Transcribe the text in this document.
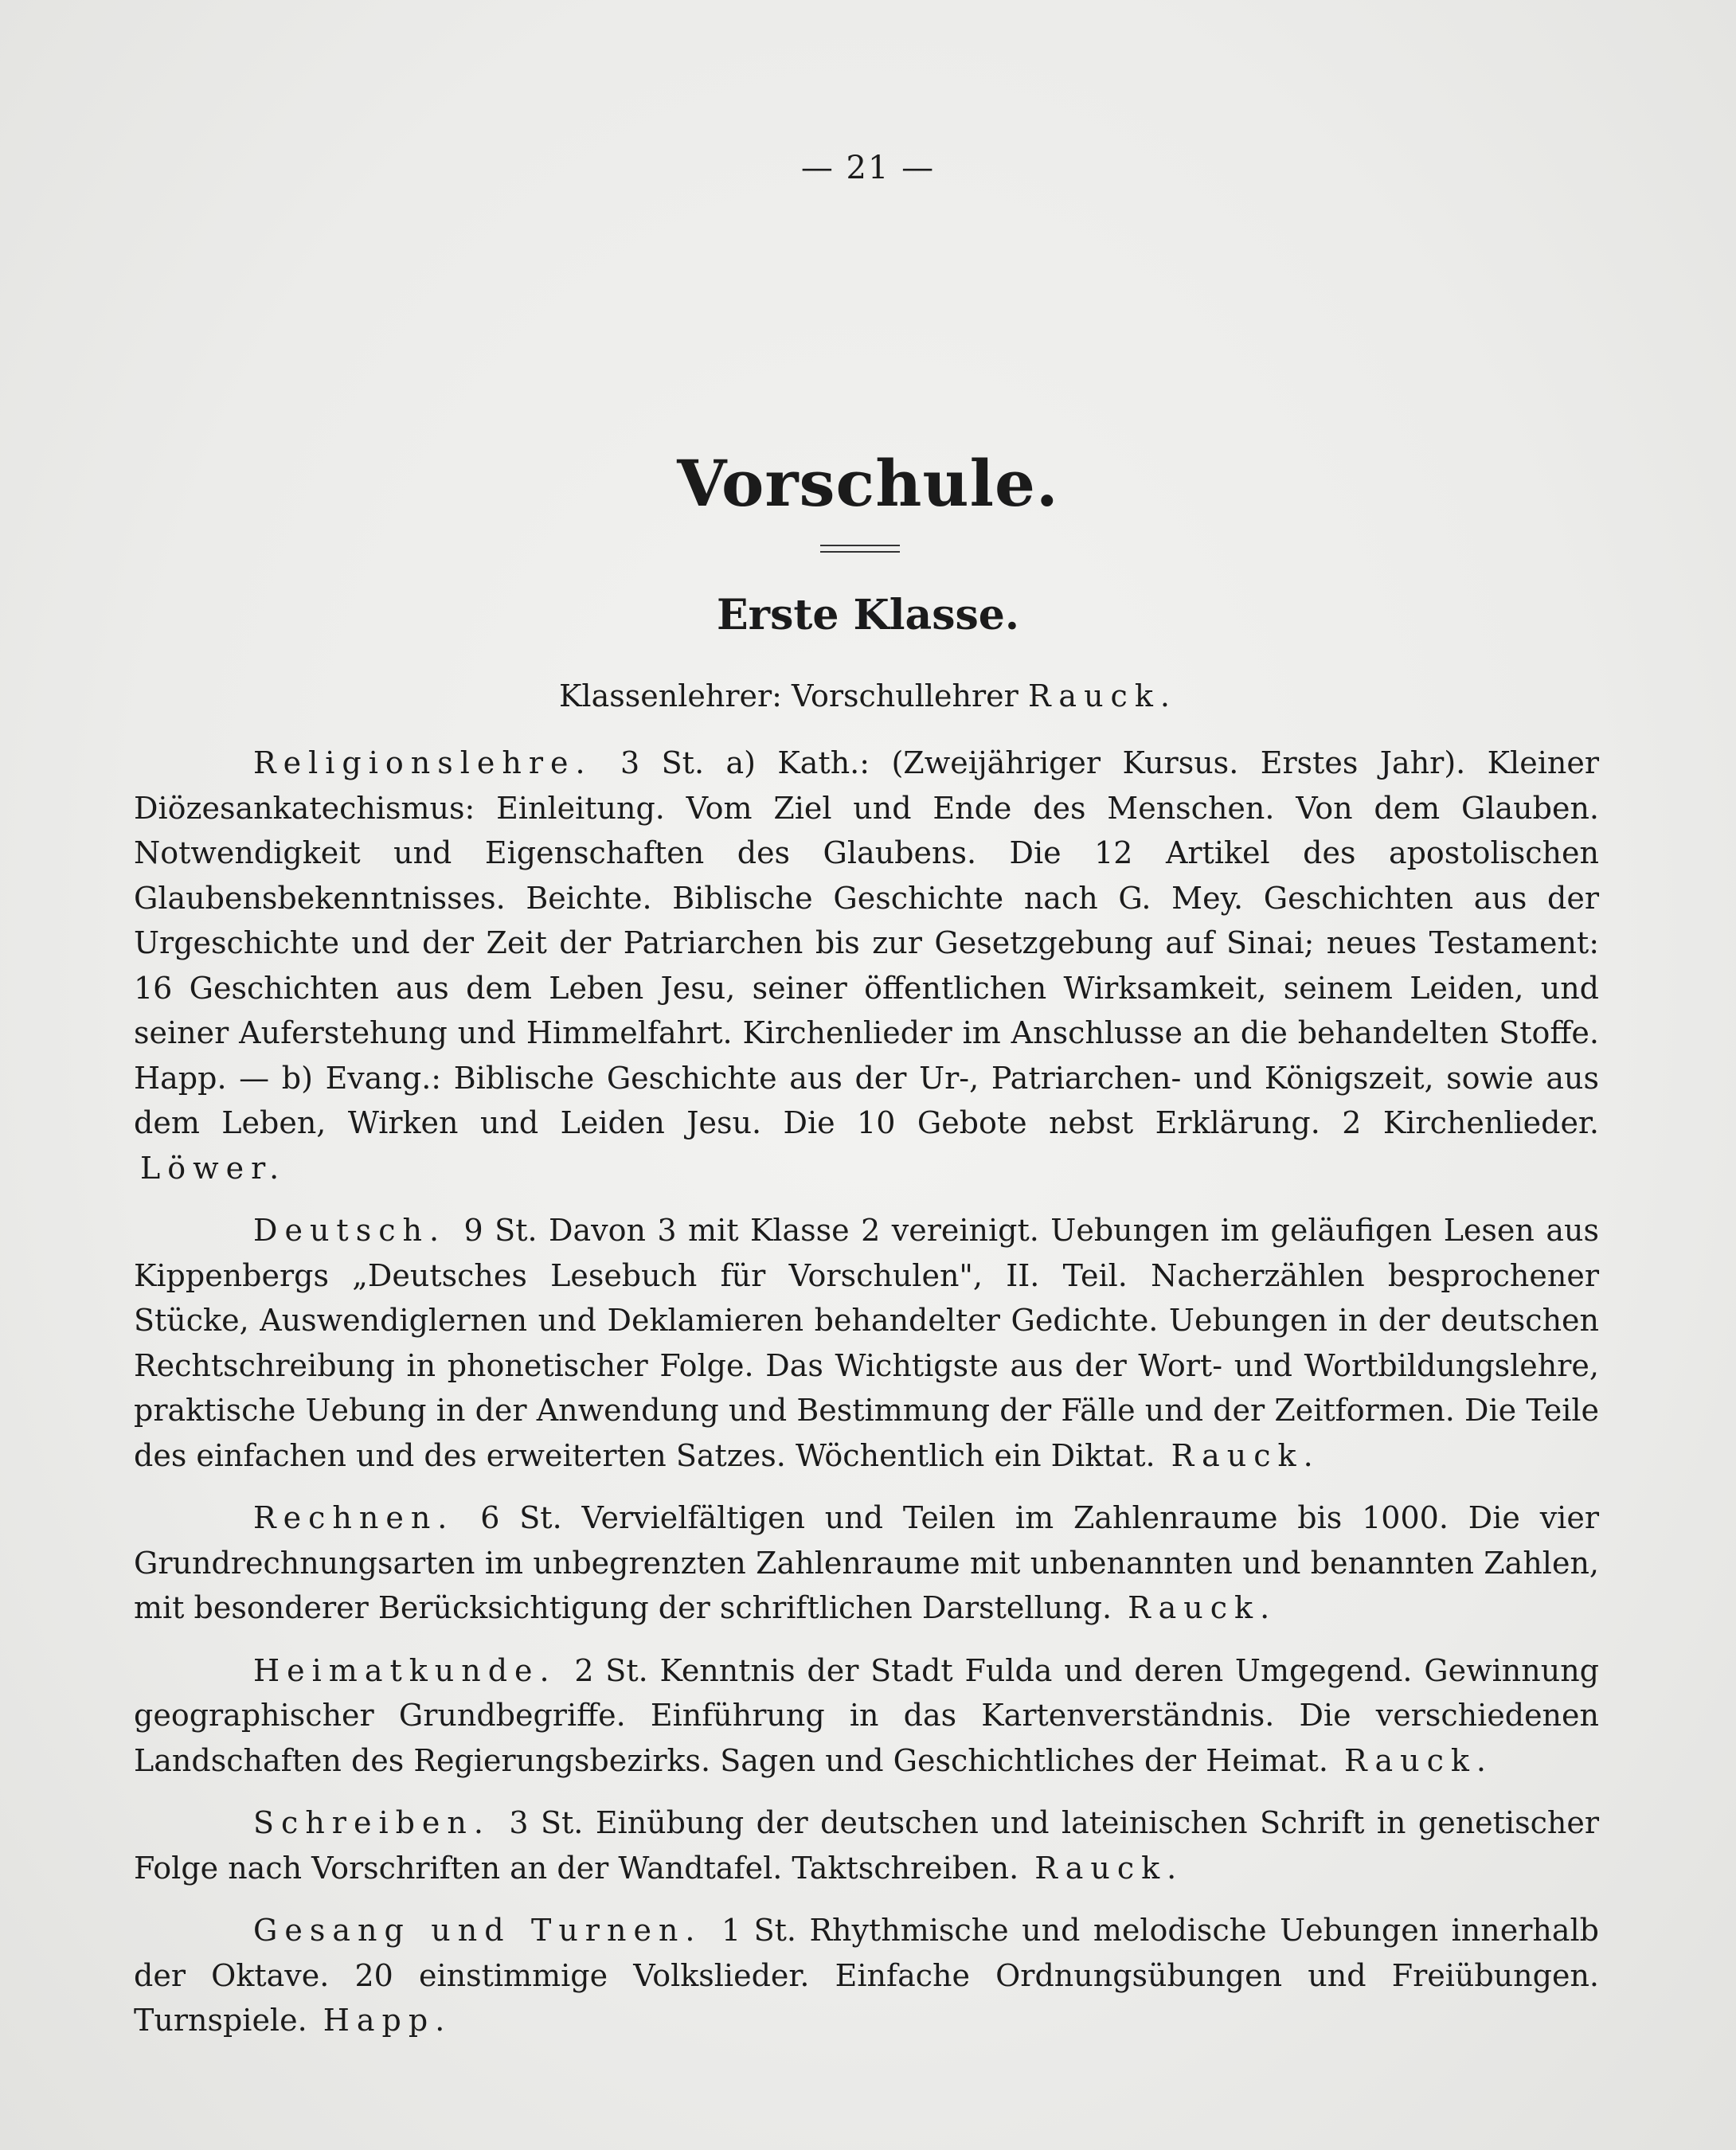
— 21 —
Vorschule.
Erste Klasse.
Klassenlehrer: Vorschullehrer Rauck.

Religionslehre. 3 St. a) Kath.: (Zweijähriger Kursus. Erstes Jahr). Kleiner Diözesankatechismus: Einleitung. Vom Ziel und Ende des Menschen. Von dem Glauben. Notwendigkeit und Eigenschaften des Glaubens. Die 12 Artikel des apostolischen Glaubensbekenntnisses. Beichte. Biblische Geschichte nach G. Mey. Geschichten aus der Urgeschichte und der Zeit der Patriarchen bis zur Gesetzgebung auf Sinai; neues Testament: 16 Geschichten aus dem Leben Jesu, seiner öffentlichen Wirksamkeit, seinem Leiden, und seiner Auferstehung und Himmelfahrt. Kirchenlieder im Anschlusse an die behandelten Stoffe. Happ. — b) Evang.: Biblische Geschichte aus der Ur-, Patriarchen- und Königszeit, sowie aus dem Leben, Wirken und Leiden Jesu. Die 10 Gebote nebst Erklärung. 2 Kirchenlieder. Löwer.

Deutsch. 9 St. Davon 3 mit Klasse 2 vereinigt. Uebungen im geläufigen Lesen aus Kippenbergs „Deutsches Lesebuch für Vorschulen", II. Teil. Nacherzählen besprochener Stücke, Auswendiglernen und Deklamieren behandelter Gedichte. Uebungen in der deutschen Rechtschreibung in phonetischer Folge. Das Wichtigste aus der Wort- und Wortbildungslehre, praktische Uebung in der Anwendung und Bestimmung der Fälle und der Zeitformen. Die Teile des einfachen und des erweiterten Satzes. Wöchentlich ein Diktat. Rauck.

Rechnen. 6 St. Vervielfältigen und Teilen im Zahlenraume bis 1000. Die vier Grundrechnungsarten im unbegrenzten Zahlenraume mit unbenannten und benannten Zahlen, mit besonderer Berücksichtigung der schriftlichen Darstellung. Rauck.

Heimatkunde. 2 St. Kenntnis der Stadt Fulda und deren Umgegend. Gewinnung geographischer Grundbegriffe. Einführung in das Kartenverständnis. Die verschiedenen Landschaften des Regierungsbezirks. Sagen und Geschichtliches der Heimat. Rauck.

Schreiben. 3 St. Einübung der deutschen und lateinischen Schrift in genetischer Folge nach Vorschriften an der Wandtafel. Taktschreiben. Rauck.

Gesang und Turnen. 1 St. Rhythmische und melodische Uebungen innerhalb der Oktave. 20 einstimmige Volkslieder. Einfache Ordnungsübungen und Freiübungen. Turnspiele. Happ.
